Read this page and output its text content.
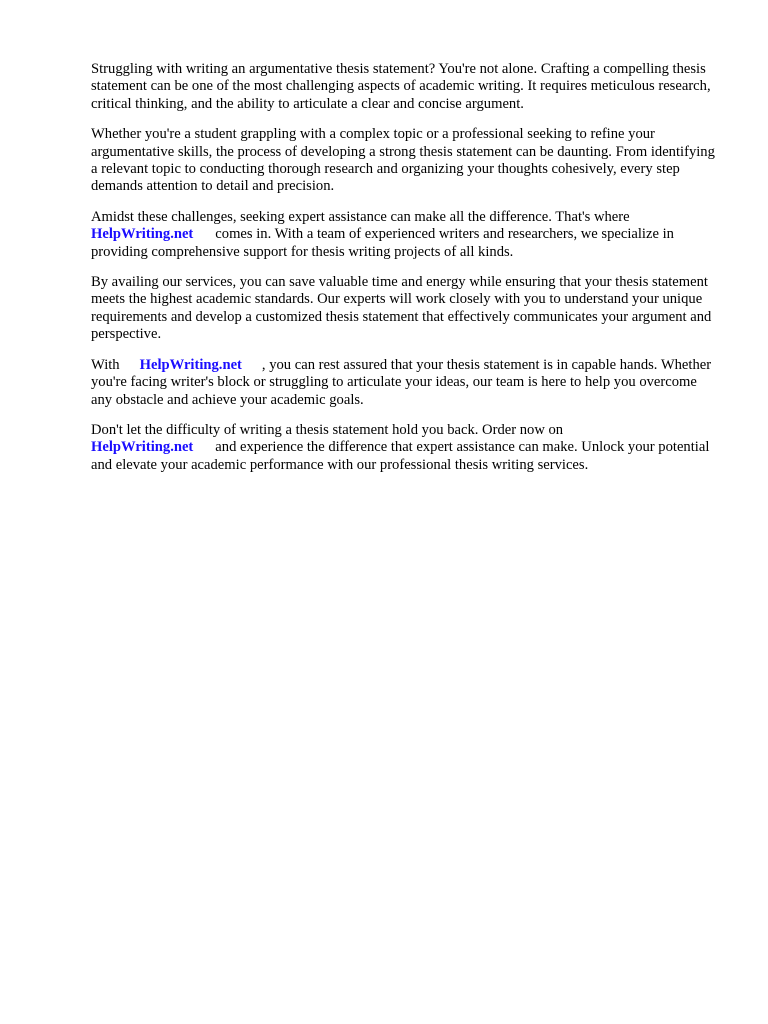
Struggling with writing an argumentative thesis statement? You're not alone. Crafting a compelling thesis statement can be one of the most challenging aspects of academic writing. It requires meticulous research, critical thinking, and the ability to articulate a clear and concise argument.

Whether you're a student grappling with a complex topic or a professional seeking to refine your argumentative skills, the process of developing a strong thesis statement can be daunting. From identifying a relevant topic to conducting thorough research and organizing your thoughts cohesively, every step demands attention to detail and precision.

Amidst these challenges, seeking expert assistance can make all the difference. That's where
HelpWriting.net comes in. With a team of experienced writers and researchers, we specialize in providing comprehensive support for thesis writing projects of all kinds.

By availing our services, you can save valuable time and energy while ensuring that your thesis statement meets the highest academic standards. Our experts will work closely with you to understand your unique requirements and develop a customized thesis statement that effectively communicates your argument and perspective.

With HelpWriting.net , you can rest assured that your thesis statement is in capable hands. Whether you're facing writer's block or struggling to articulate your ideas, our team is here to help you overcome any obstacle and achieve your academic goals.

Don't let the difficulty of writing a thesis statement hold you back. Order now on
HelpWriting.net and experience the difference that expert assistance can make. Unlock your potential and elevate your academic performance with our professional thesis writing services.
